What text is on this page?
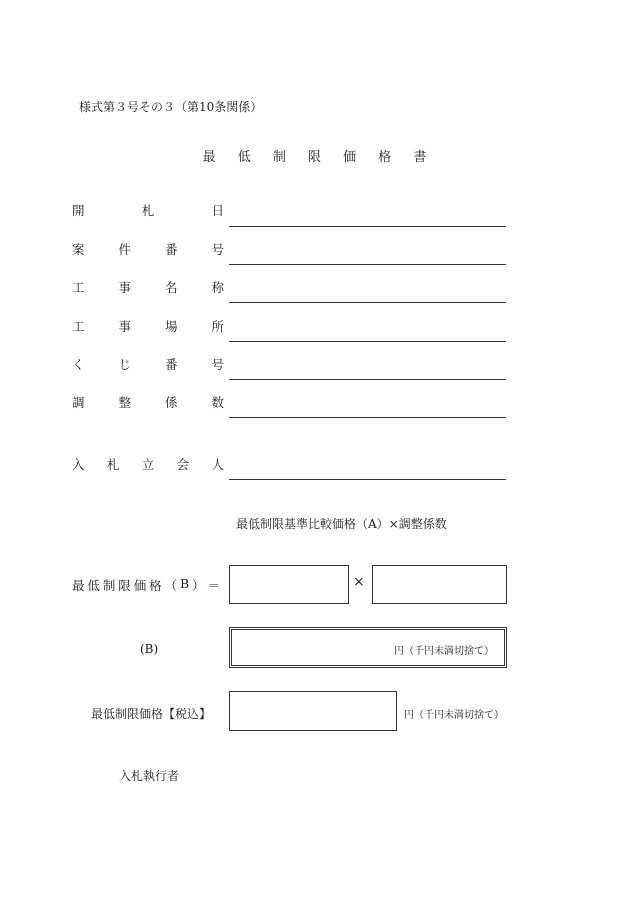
様式第３号その３（第10条関係）
最 低 制 限 価 格 書
開	札	日
案	件	番	号
工	事	名	称
工	事	場	所
く	じ	番	号
調	整	係	数
入 札 立 会 人
最低制限基準比較価格（A）×調整係数
最 低 制 限 価 格 （ B ） ＝	×
(B)	円（千円未満切捨て）
最低制限価格【税込】	円（千円未満切捨て）
入札執行者
